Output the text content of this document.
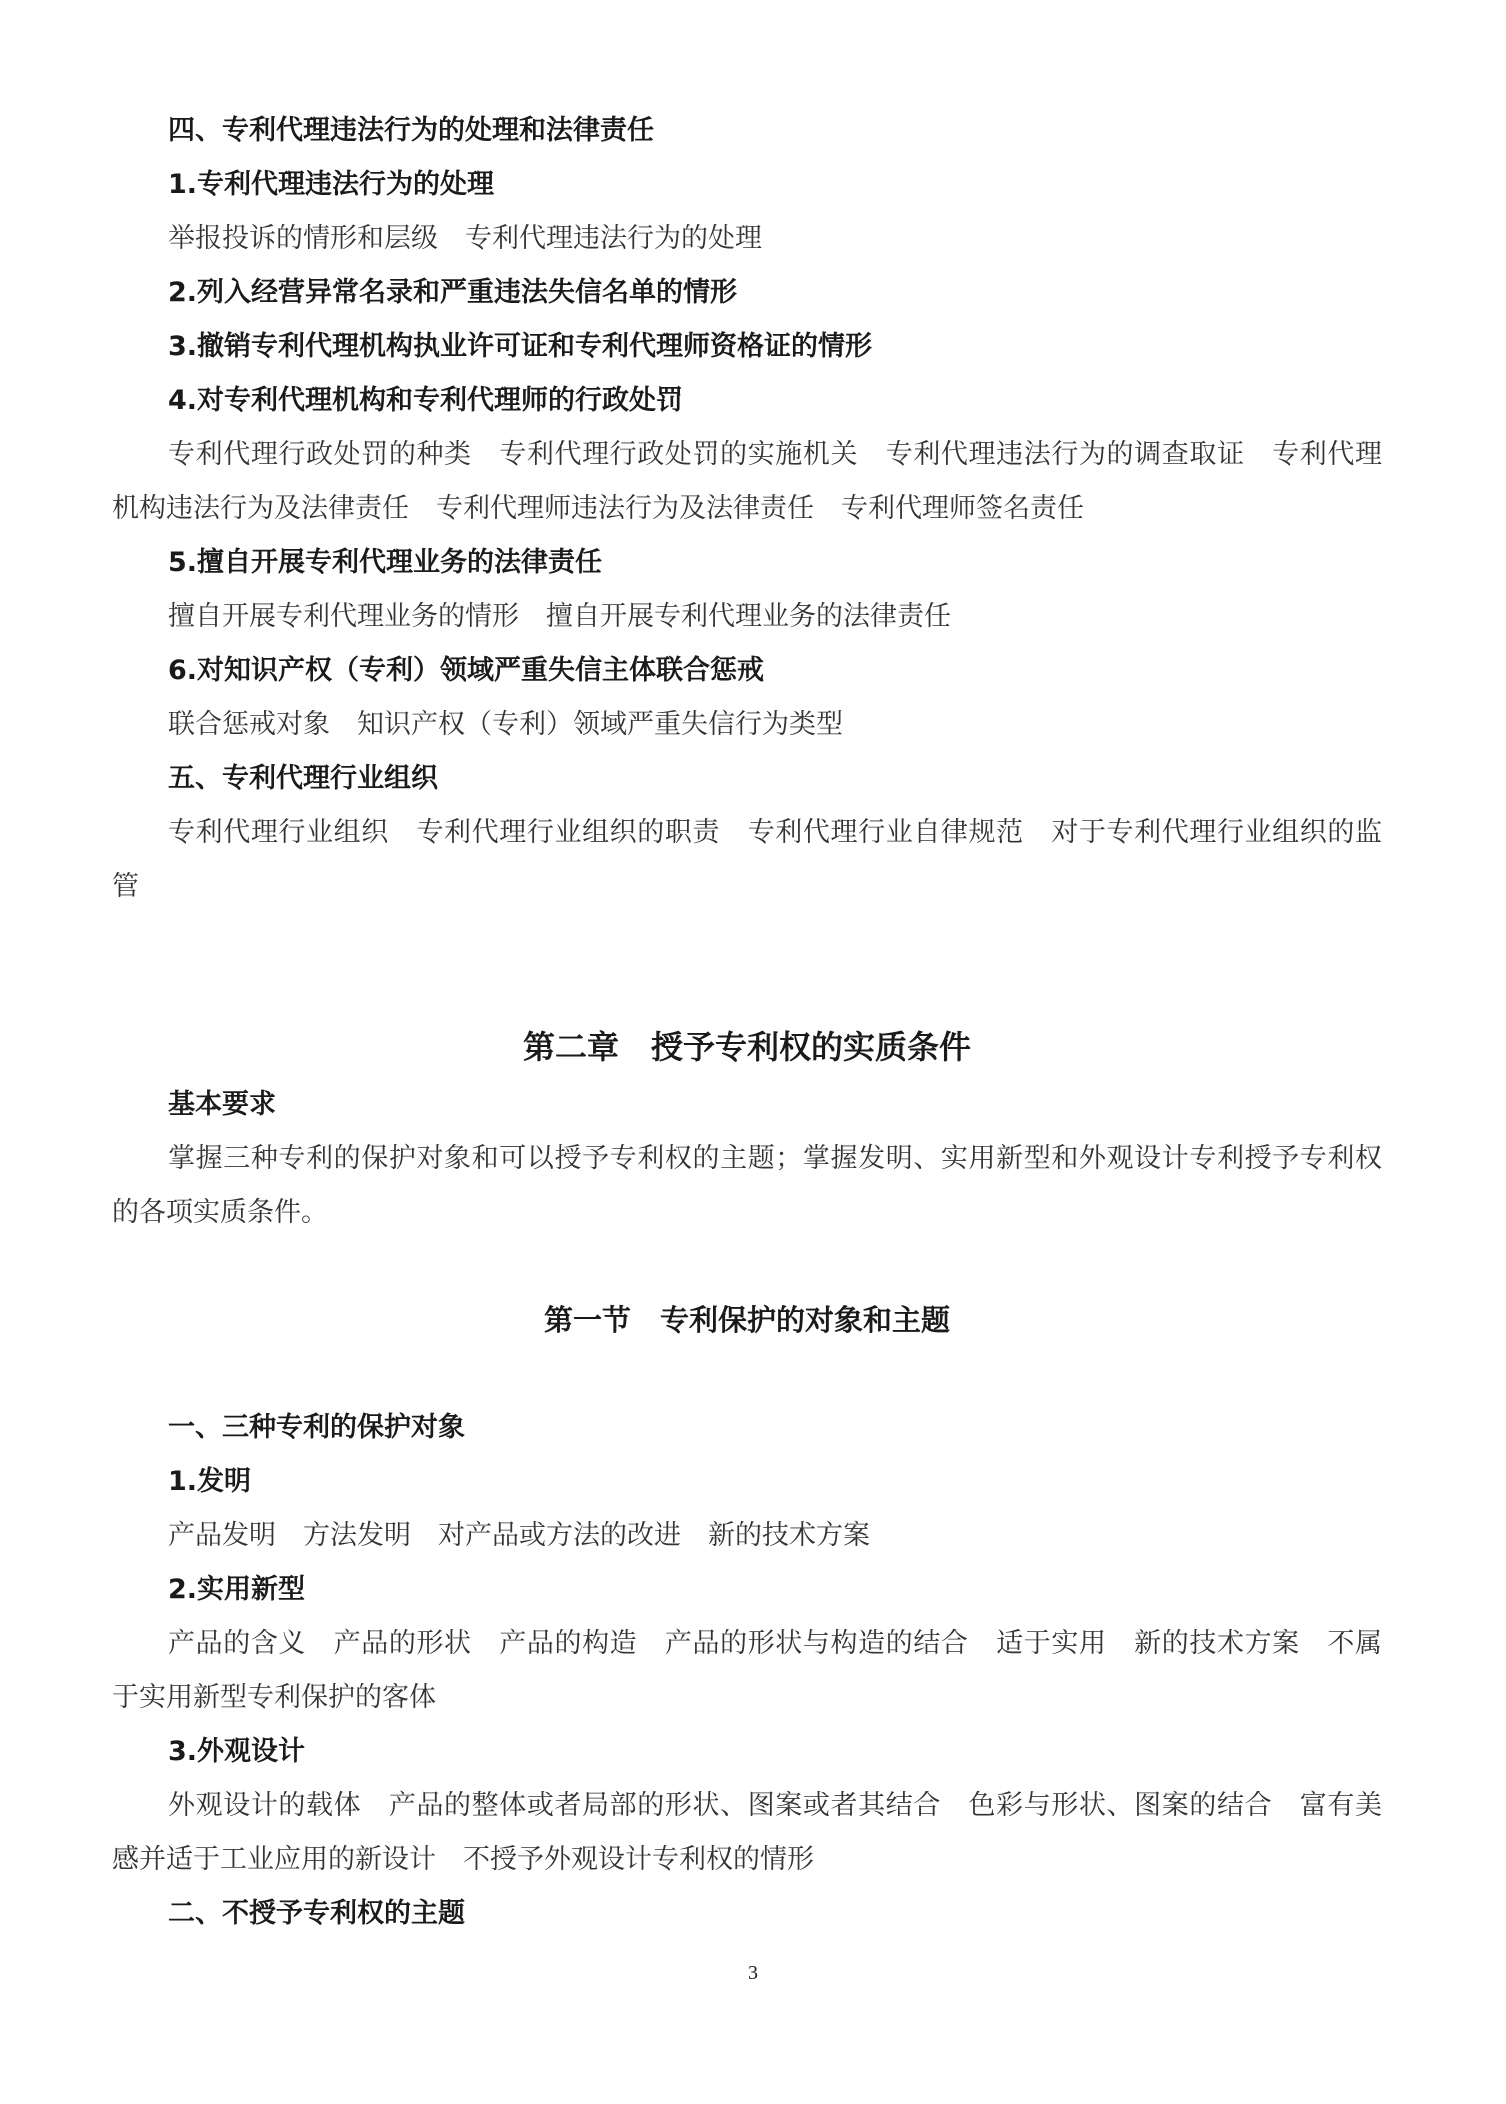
四、专利代理违法行为的处理和法律责任

1.专利代理违法行为的处理

举报投诉的情形和层级　专利代理违法行为的处理

2.列入经营异常名录和严重违法失信名单的情形

3.撤销专利代理机构执业许可证和专利代理师资格证的情形

4.对专利代理机构和专利代理师的行政处罚

专利代理行政处罚的种类　专利代理行政处罚的实施机关　专利代理违法行为的调查取证　专利代理机构违法行为及法律责任　专利代理师违法行为及法律责任　专利代理师签名责任

5.擅自开展专利代理业务的法律责任

擅自开展专利代理业务的情形　擅自开展专利代理业务的法律责任

6.对知识产权（专利）领域严重失信主体联合惩戒

联合惩戒对象　知识产权（专利）领域严重失信行为类型

五、专利代理行业组织

专利代理行业组织　专利代理行业组织的职责　专利代理行业自律规范　对于专利代理行业组织的监管

第二章　授予专利权的实质条件

基本要求

掌握三种专利的保护对象和可以授予专利权的主题；掌握发明、实用新型和外观设计专利授予专利权的各项实质条件。

第一节　专利保护的对象和主题

一、三种专利的保护对象

1.发明

产品发明　方法发明　对产品或方法的改进　新的技术方案

2.实用新型

产品的含义　产品的形状　产品的构造　产品的形状与构造的结合　适于实用　新的技术方案　不属于实用新型专利保护的客体

3.外观设计

外观设计的载体　产品的整体或者局部的形状、图案或者其结合　色彩与形状、图案的结合　富有美感并适于工业应用的新设计　不授予外观设计专利权的情形

二、不授予专利权的主题

3
